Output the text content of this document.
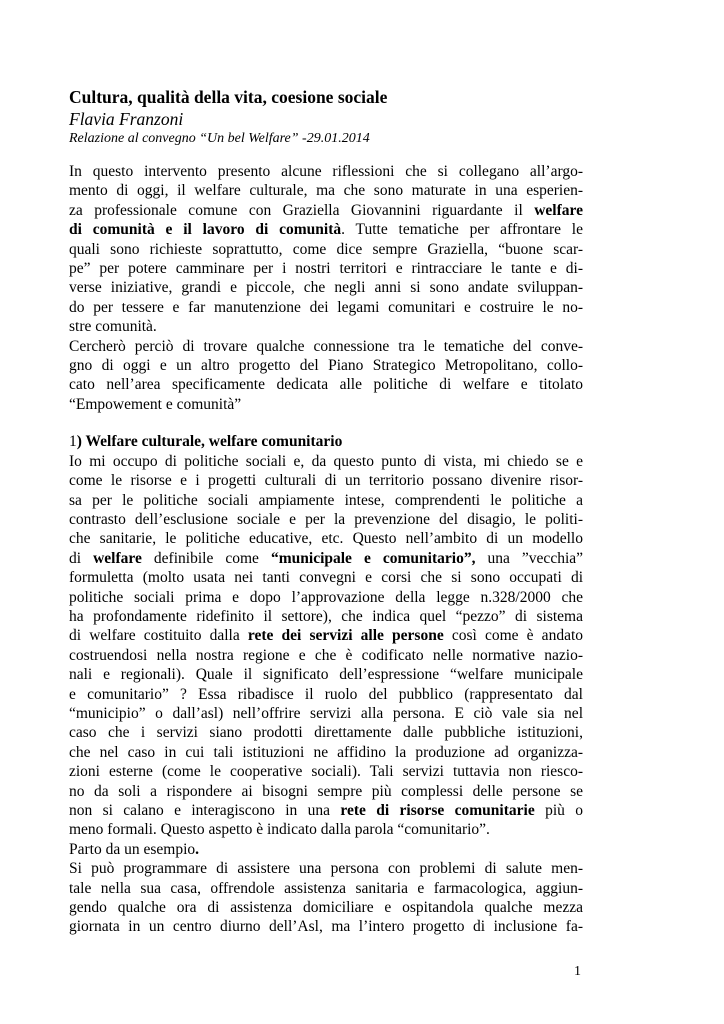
Cultura, qualità della vita, coesione sociale
Flavia Franzoni
Relazione al convegno “Un bel Welfare” -29.01.2014
In questo intervento presento alcune riflessioni che si collegano all’argo-
mento di oggi, il welfare culturale, ma che sono maturate in una esperien-
za professionale comune con Graziella Giovannini riguardante il welfare
di comunità e il lavoro di comunità. Tutte tematiche per affrontare le
quali sono richieste soprattutto, come dice sempre Graziella, “buone scar-
pe” per potere camminare per i nostri territori e rintracciare le tante e di-
verse iniziative, grandi e piccole, che negli anni si sono andate sviluppan-
do per tessere e far manutenzione dei legami comunitari e costruire le no-
stre comunità.
Cercherò perciò di trovare qualche connessione tra le tematiche del conve-
gno di oggi e un altro progetto del Piano Strategico Metropolitano, collo-
cato nell’area specificamente dedicata alle politiche di welfare e titolato
“Empowement e comunità”
1) Welfare culturale, welfare comunitario
Io mi occupo di politiche sociali e, da questo punto di vista, mi chiedo se e
come le risorse e i progetti culturali di un territorio possano divenire risor-
sa per le politiche sociali ampiamente intese, comprendenti le politiche a
contrasto dell’esclusione sociale e per la prevenzione del disagio, le politi-
che sanitarie, le politiche educative, etc. Questo nell’ambito di un modello
di welfare definibile come “municipale e comunitario”, una ”vecchia”
formuletta (molto usata nei tanti convegni e corsi che si sono occupati di
politiche sociali prima e dopo l’approvazione della legge n.328/2000 che
ha profondamente ridefinito il settore), che indica quel “pezzo” di sistema
di welfare costituito dalla rete dei servizi alle persone così come è andato
costruendosi nella nostra regione e che è codificato nelle normative nazio-
nali e regionali). Quale il significato dell’espressione “welfare municipale
e comunitario” ? Essa ribadisce il ruolo del pubblico (rappresentato dal
“municipio” o dall’asl) nell’offrire servizi alla persona. E ciò vale sia nel
caso che i servizi siano prodotti direttamente dalle pubbliche istituzioni,
che nel caso in cui tali istituzioni ne affidino la produzione ad organizza-
zioni esterne (come le cooperative sociali). Tali servizi tuttavia non riesco-
no da soli a rispondere ai bisogni sempre più complessi delle persone se
non si calano e interagiscono in una rete di risorse comunitarie più o
meno formali. Questo aspetto è indicato dalla parola “comunitario”.
Parto da un esempio.
Si può programmare di assistere una persona con problemi di salute men-
tale nella sua casa, offrendole assistenza sanitaria e farmacologica, aggiun-
gendo qualche ora di assistenza domiciliare e ospitandola qualche mezza
giornata in un centro diurno dell’Asl, ma l’intero progetto di inclusione fa-
1
